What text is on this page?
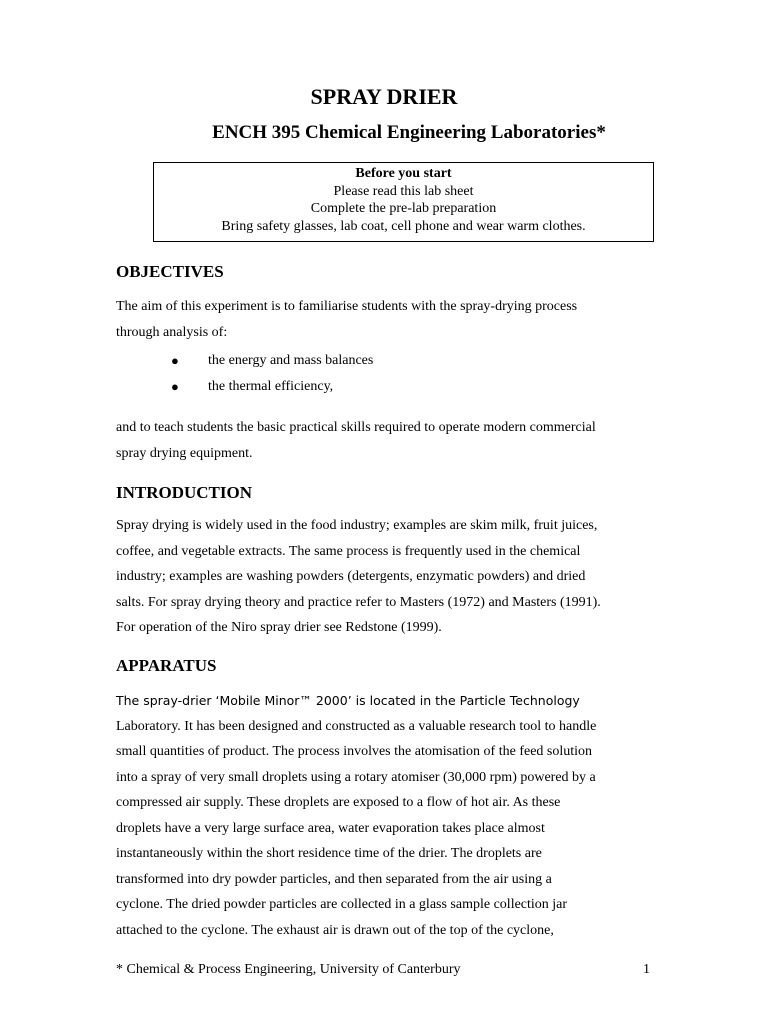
SPRAY DRIER
ENCH 395 Chemical Engineering Laboratories*
Before you start
Please read this lab sheet
Complete the pre-lab preparation
Bring safety glasses, lab coat, cell phone and wear warm clothes.
OBJECTIVES
The aim of this experiment is to familiarise students with the spray-drying process
through analysis of:
● the energy and mass balances
● the thermal efficiency,
and to teach students the basic practical skills required to operate modern commercial
spray drying equipment.
INTRODUCTION
Spray drying is widely used in the food industry; examples are skim milk, fruit juices,
coffee, and vegetable extracts. The same process is frequently used in the chemical
industry; examples are washing powders (detergents, enzymatic powders) and dried
salts. For spray drying theory and practice refer to Masters (1972) and Masters (1991).
For operation of the Niro spray drier see Redstone (1999).
APPARATUS
The spray-drier ‘Mobile Minor™ 2000’ is located in the Particle Technology
Laboratory. It has been designed and constructed as a valuable research tool to handle
small quantities of product. The process involves the atomisation of the feed solution
into a spray of very small droplets using a rotary atomiser (30,000 rpm) powered by a
compressed air supply. These droplets are exposed to a flow of hot air. As these
droplets have a very large surface area, water evaporation takes place almost
instantaneously within the short residence time of the drier. The droplets are
transformed into dry powder particles, and then separated from the air using a
cyclone. The dried powder particles are collected in a glass sample collection jar
attached to the cyclone. The exhaust air is drawn out of the top of the cyclone,
* Chemical & Process Engineering, University of Canterbury	1
